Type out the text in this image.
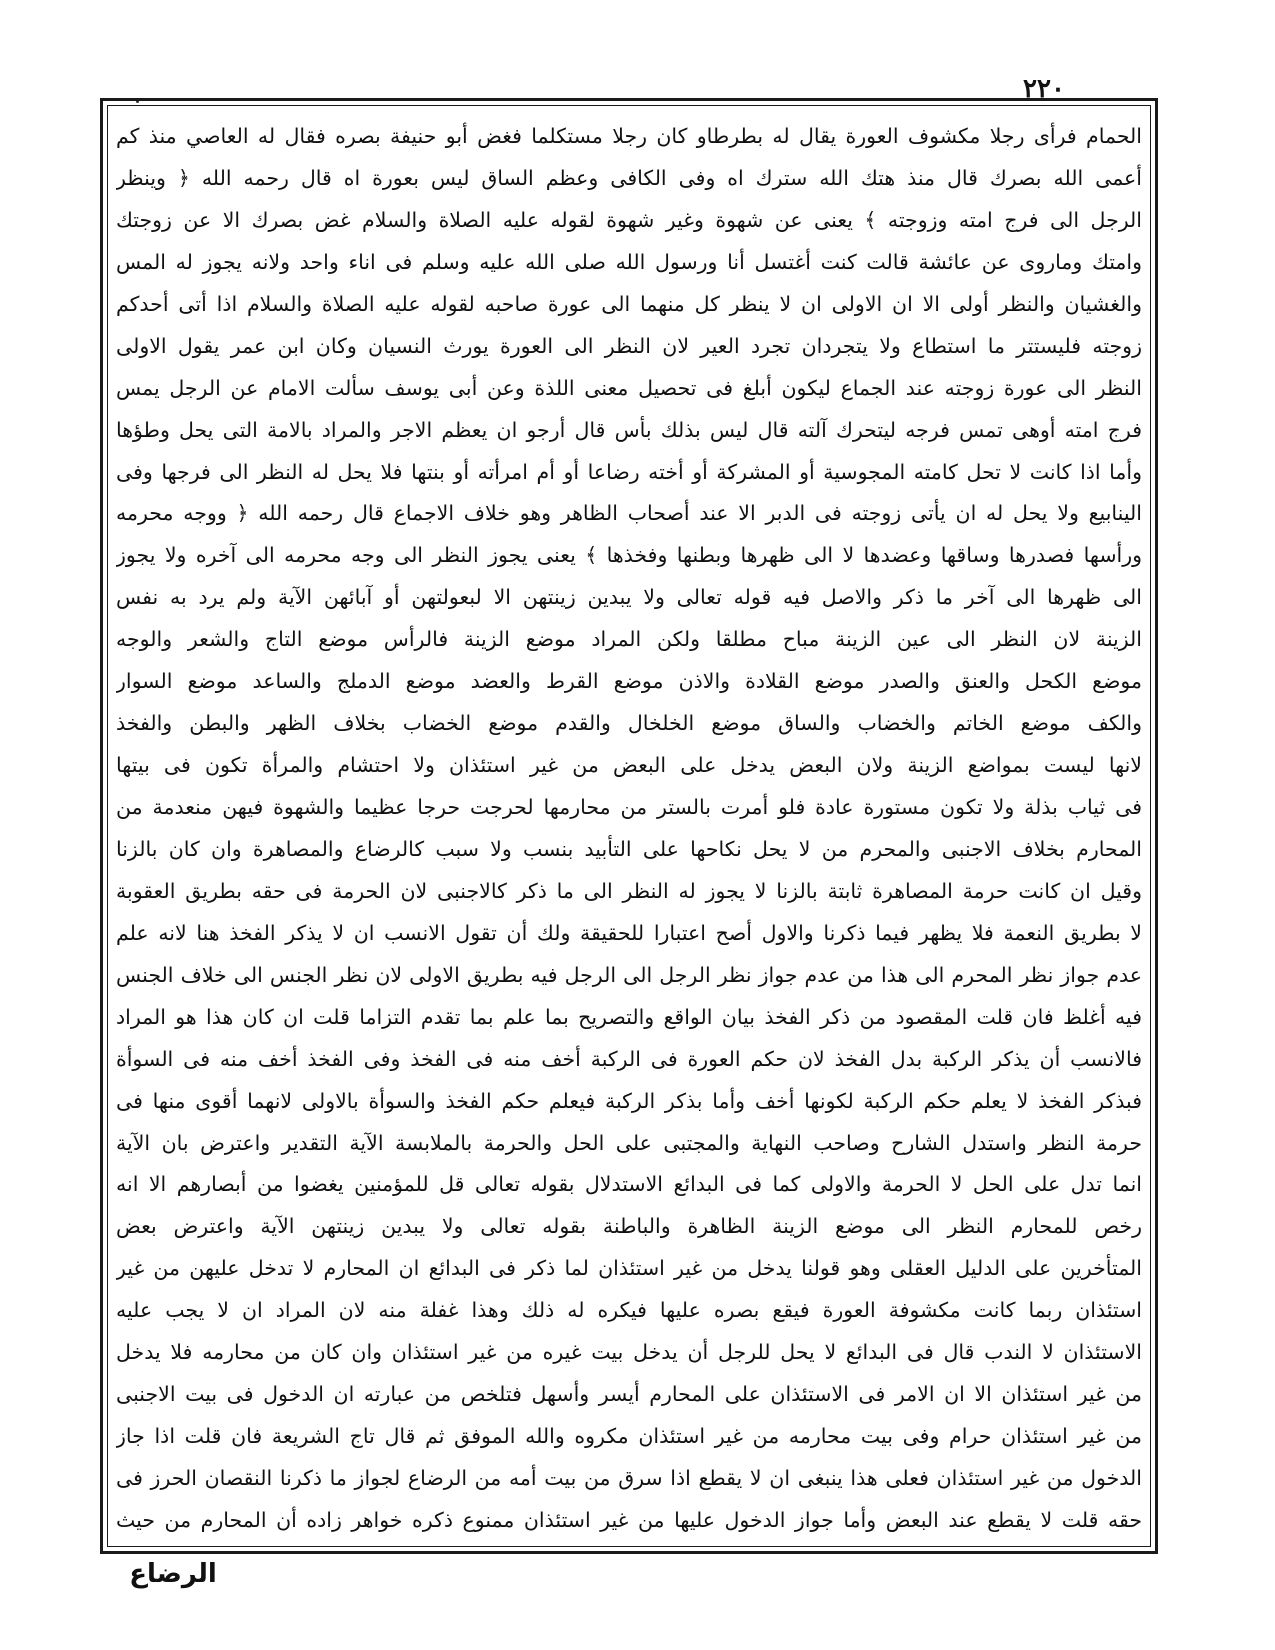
٢٢٠
الحمام فرأى رجلا مكشوف العورة يقال له بطرطاو كان رجلا مستكلما فغض أبو حنيفة بصره فقال له العاصي منذ كم
أعمى الله بصرك قال منذ هتك الله سترك اه وفى الكافى وعظم الساق ليس بعورة اه قال رحمه الله ﴿ وينظر
الرجل الى فرج امته وزوجته ﴾ يعنى عن شهوة وغير شهوة لقوله عليه الصلاة والسلام غض بصرك الا عن زوجتك
وامتك وماروى عن عائشة قالت كنت أغتسل أنا ورسول الله صلى الله عليه وسلم فى اناء واحد ولانه يجوز له المس
والغشيان والنظر أولى الا ان الاولى ان لا ينظر كل منهما الى عورة صاحبه لقوله عليه الصلاة والسلام اذا أتى أحدكم
زوجته فليستتر ما استطاع ولا يتجردان تجرد العير لان النظر الى العورة يورث النسيان وكان ابن عمر يقول الاولى
النظر الى عورة زوجته عند الجماع ليكون أبلغ فى تحصيل معنى اللذة وعن أبى يوسف سألت الامام عن الرجل يمس
فرج امته أوهى تمس فرجه ليتحرك آلته قال ليس بذلك بأس قال أرجو ان يعظم الاجر والمراد بالامة التى يحل وطؤها
وأما اذا كانت لا تحل كامته المجوسية أو المشركة أو أخته رضاعا أو أم امرأته أو بنتها فلا يحل له النظر الى فرجها وفى
الينابيع ولا يحل له ان يأتى زوجته فى الدبر الا عند أصحاب الظاهر وهو خلاف الاجماع قال رحمه الله ﴿ ووجه محرمه
ورأسها فصدرها وساقها وعضدها لا الى ظهرها وبطنها وفخذها ﴾ يعنى يجوز النظر الى وجه محرمه الى آخره ولا يجوز
الى ظهرها الى آخر ما ذكر والاصل فيه قوله تعالى ولا يبدين زينتهن الا لبعولتهن أو آبائهن الآية ولم يرد به نفس
الزينة لان النظر الى عين الزينة مباح مطلقا ولكن المراد موضع الزينة فالرأس موضع التاج والشعر والوجه
موضع الكحل والعنق والصدر موضع القلادة والاذن موضع القرط والعضد موضع الدملج والساعد موضع السوار
والكف موضع الخاتم والخضاب والساق موضع الخلخال والقدم موضع الخضاب بخلاف الظهر والبطن والفخذ
لانها ليست بمواضع الزينة ولان البعض يدخل على البعض من غير استئذان ولا احتشام والمرأة تكون فى بيتها
فى ثياب بذلة ولا تكون مستورة عادة فلو أمرت بالستر من محارمها لحرجت حرجا عظيما والشهوة فيهن منعدمة من
المحارم بخلاف الاجنبى والمحرم من لا يحل نكاحها على التأبيد بنسب ولا سبب كالرضاع والمصاهرة وان كان بالزنا
وقيل ان كانت حرمة المصاهرة ثابتة بالزنا لا يجوز له النظر الى ما ذكر كالاجنبى لان الحرمة فى حقه بطريق العقوبة
لا بطريق النعمة فلا يظهر فيما ذكرنا والاول أصح اعتبارا للحقيقة ولك أن تقول الانسب ان لا يذكر الفخذ هنا لانه علم
عدم جواز نظر المحرم الى هذا من عدم جواز نظر الرجل الى الرجل فيه بطريق الاولى لان نظر الجنس الى خلاف الجنس
فيه أغلظ فان قلت المقصود من ذكر الفخذ بيان الواقع والتصريح بما علم بما تقدم التزاما قلت ان كان هذا هو المراد
فالانسب أن يذكر الركبة بدل الفخذ لان حكم العورة فى الركبة أخف منه فى الفخذ وفى الفخذ أخف منه فى السوأة
فبذكر الفخذ لا يعلم حكم الركبة لكونها أخف وأما بذكر الركبة فيعلم حكم الفخذ والسوأة بالاولى لانهما أقوى منها فى
حرمة النظر واستدل الشارح وصاحب النهاية والمجتبى على الحل والحرمة بالملابسة الآية التقدير واعترض بان الآية
انما تدل على الحل لا الحرمة والاولى كما فى البدائع الاستدلال بقوله تعالى قل للمؤمنين يغضوا من أبصارهم الا انه
رخص للمحارم النظر الى موضع الزينة الظاهرة والباطنة بقوله تعالى ولا يبدين زينتهن الآية واعترض بعض
المتأخرين على الدليل العقلى وهو قولنا يدخل من غير استئذان لما ذكر فى البدائع ان المحارم لا تدخل عليهن من غير
استئذان ربما كانت مكشوفة العورة فيقع بصره عليها فيكره له ذلك وهذا غفلة منه لان المراد ان لا يجب عليه
الاستئذان لا الندب قال فى البدائع لا يحل للرجل أن يدخل بيت غيره من غير استئذان وان كان من محارمه فلا يدخل
من غير استئذان الا ان الامر فى الاستئذان على المحارم أيسر وأسهل فتلخص من عبارته ان الدخول فى بيت الاجنبى
من غير استئذان حرام وفى بيت محارمه من غير استئذان مكروه والله الموفق ثم قال تاج الشريعة فان قلت اذا جاز
الدخول من غير استئذان فعلى هذا ينبغى ان لا يقطع اذا سرق من بيت أمه من الرضاع لجواز ما ذكرنا النقصان الحرز فى
حقه قلت لا يقطع عند البعض وأما جواز الدخول عليها من غير استئذان ممنوع ذكره خواهر زاده أن المحارم من حيث
الرضاع
